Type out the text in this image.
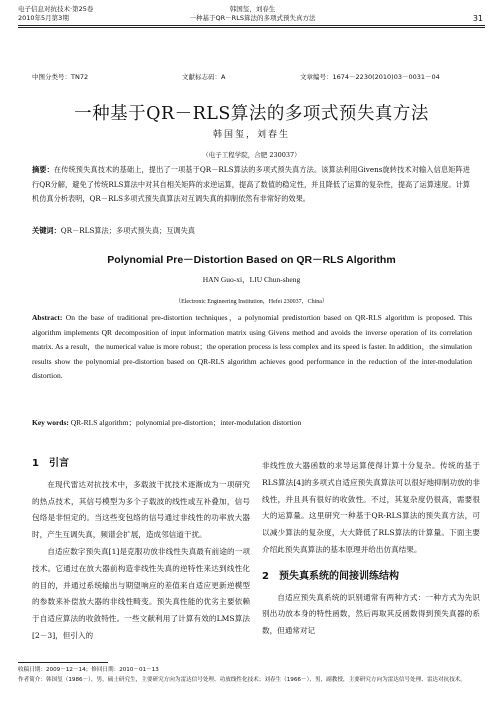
电子信息对抗技术·第25卷
2010年5月第3期
韩国玺，刘春生
一种基于QR－RLS算法的多项式预失真方法	31
中图分类号：TN72	文献标志码：A	文章编号：1674－2230(2010)03－0031－04
一种基于QR－RLS算法的多项式预失真方法
韩国玺，刘春生
（电子工程学院，合肥 230037）
摘要：在传统预失真技术的基础上，提出了一项基于QR－RLS算法的多项式预失真方法。该算法利用Givens旋转技术对输入信息矩阵进行QR分解，避免了传统RLS算法中对其自相关矩阵的求逆运算，提高了数值的稳定性，并且降低了运算的复杂性，提高了运算速度。计算机仿真分析表明，QR－RLS多项式预失真算法对互调失真的抑制依然有非常好的效果。
关键词：QR－RLS算法；多项式预失真；互调失真
Polynomial Pre－Distortion Based on QR－RLS Algorithm
HAN Guo-xi，LIU Chun-sheng
（Electronic Engineering Institution，Hefei 230037，China）
Abstract: On the base of traditional pre-distortion techniques，a polynomial predistortion based on QR-RLS algorithm is proposed. This algorithm implements QR decomposition of input information matrix using Givens method and avoids the inverse operation of its correlation matrix. As a result，the numerical value is more robust；the operation process is less complex and its speed is faster. In addition，the simulation results show the polynomial pre-distortion based on QR-RLS algorithm achieves good performance in the reduction of the inter-modulation distortion.
Key words: QR-RLS algorithm；polynomial pre-distortion；inter-modulation distortion
1　引言

在现代雷达对抗技术中，多载波干扰技术逐渐成为一项研究的热点技术，其信号模型为多个子载波的线性或互补叠加，信号包络是非恒定的。当这些变包络的信号通过非线性的功率放大器时，产生互调失真，频谱会扩展，造成邻信道干扰。

自适应数字预失真[1]是克服功放非线性失真最有前途的一项技术。它通过在放大器前构造非线性失真的逆特性来达到线性化的目的，并通过系统输出与期望响应的差值来自适应更新逆模型的参数来补偿放大器的非线性畸变。预失真性能的优劣主要依赖于自适应算法的收敛特性。一些文献利用了计算有效的LMS算法[2－3]，但引入的

非线性放大器函数的求导运算使得计算十分复杂。传统的基于RLS算法[4]的多项式自适应预失真算法可以很好地抑制功放的非线性，并且具有很好的收敛性。不过，其复杂度仍很高，需要很大的运算量。这里研究一种基于QR-RLS算法的预失真方法，可以减少算法的复杂度，大大降低了RLS算法的计算量。下面主要介绍此预失真算法的基本原理并给出仿真结果。

2　预失真系统的间接训练结构

自适应预失真系统的识别通常有两种方式：一种方式为先识别出功放本身的特性函数，然后再取其反函数得到预失真器的系数，但通常对记

收稿日期：2009－12－14；修回日期：2010－01－13
作者简介：韩国玺（1986－），男，硕士研究生，主要研究方向为雷达信号处理、功放线性化技术；刘春生（1966－），男，副教授，主要研究方向为雷达信号处理、雷达对抗技术。
